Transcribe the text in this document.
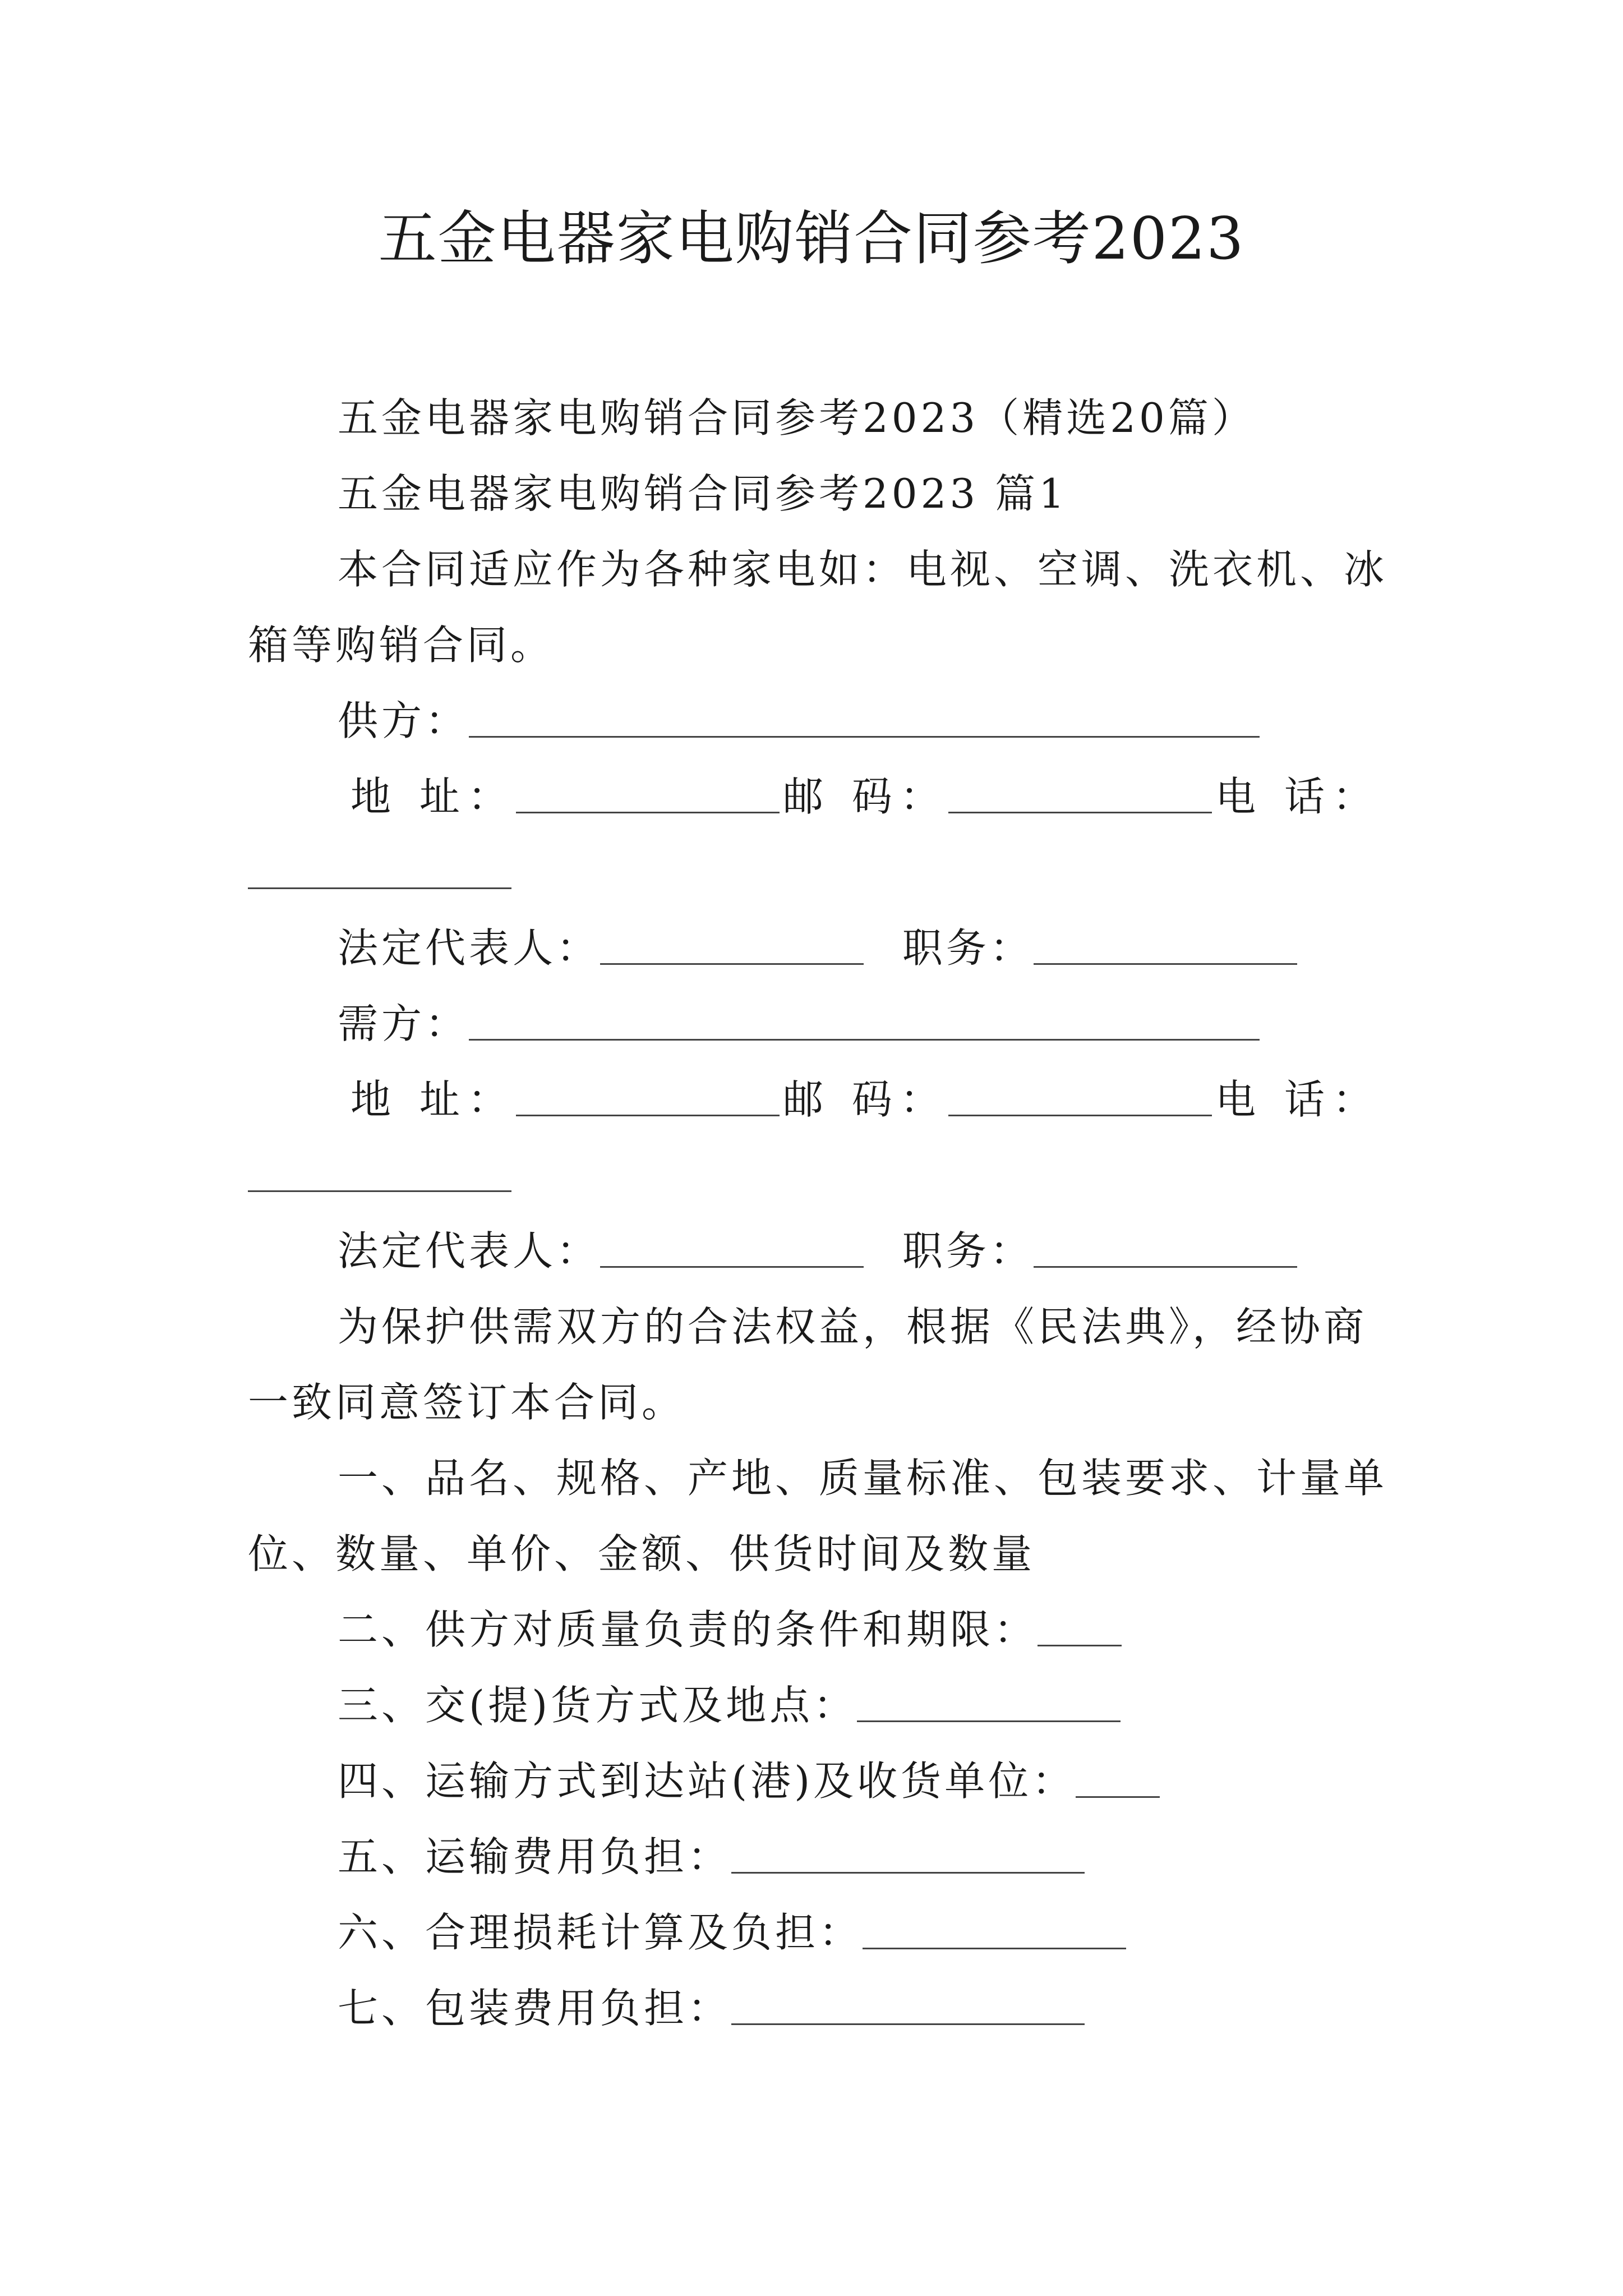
五金电器家电购销合同参考2023
五金电器家电购销合同参考2023（精选20篇）
五金电器家电购销合同参考2023 篇1
本合同适应作为各种家电如：电视、空调、洗衣机、冰
箱等购销合同。
供方：
地 址：	邮 码：	电 话：
法定代表人：	职务：
需方：
地 址：	邮 码：	电 话：
法定代表人：	职务：
为保护供需双方的合法权益，根据《民法典》，经协商
一致同意签订本合同。
一、品名、规格、产地、质量标准、包装要求、计量单
位、数量、单价、金额、供货时间及数量
二、供方对质量负责的条件和期限：
三、交(提)货方式及地点：
四、运输方式到达站(港)及收货单位：
五、运输费用负担：
六、合理损耗计算及负担：
七、包装费用负担：
